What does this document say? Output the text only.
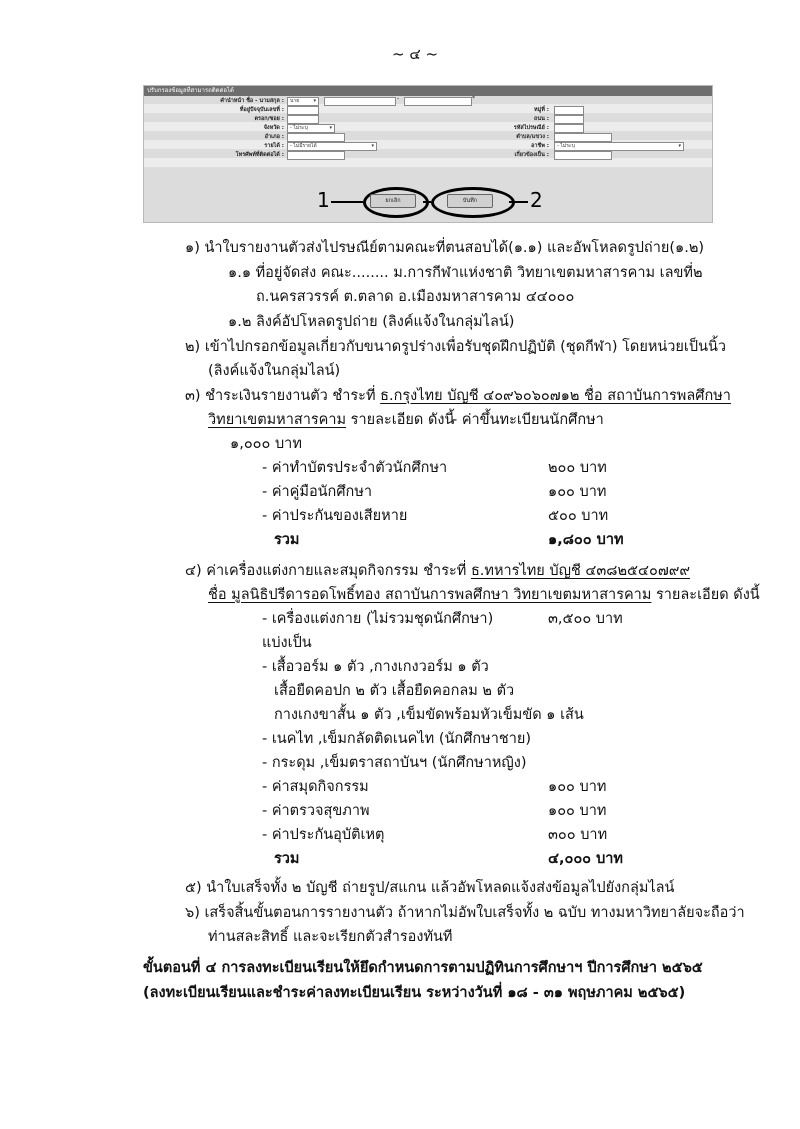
~ ๔ ~
ปรับกรองข้อมูลที่สามารถติดต่อได้
คำนำหน้า ชื่อ - นามสกุล :	นาย	▾	-	*
ที่อยู่ปัจจุบันเลขที่ :	หมู่ที่ :
ตรอก/ซอย :	ถนน :
จังหวัด :	- ไม่ระบุ	▾	รหัสไปรษณีย์ :
อำเภอ :	ตำบล/แขวง :
รายได้ :	- ไม่มีรายได้	▾	อาชีพ :	- ไม่ระบุ	▾
โทรศัพท์ที่ติดต่อได้ :	เกี่ยวข้องเป็น :
1	ยกเลิก	บันทึก	2
๑) นำใบรายงานตัวส่งไปรษณีย์ตามคณะที่ตนสอบได้(๑.๑) และอัพโหลดรูปถ่าย(๑.๒)
๑.๑ ที่อยู่จัดส่ง คณะ........ ม.การกีฬาแห่งชาติ วิทยาเขตมหาสารคาม เลขที่๒
ถ.นครสวรรค์ ต.ตลาด อ.เมืองมหาสารคาม ๔๔๐๐๐
๑.๒ ลิงค์อัปโหลดรูปถ่าย (ลิงค์แจ้งในกลุ่มไลน์)
๒) เข้าไปกรอกข้อมูลเกี่ยวกับขนาดรูปร่างเพื่อรับชุดฝึกปฏิบัติ (ชุดกีฬา) โดยหน่วยเป็นนิ้ว
(ลิงค์แจ้งในกลุ่มไลน์)
๓) ชำระเงินรายงานตัว ชำระที่ ธ.กรุงไทย บัญชี ๔๐๙๖๐๖๐๗๑๒ ชื่อ สถาบันการพลศึกษา
วิทยาเขตมหาสารคาม รายละเอียด ดังนี้
- ค่าขึ้นทะเบียนนักศึกษา
๑,๐๐๐ บาท
- ค่าทำบัตรประจำตัวนักศึกษา	๒๐๐ บาท
- ค่าคู่มือนักศึกษา	๑๐๐ บาท
- ค่าประกันของเสียหาย	๕๐๐ บาท
รวม	๑,๘๐๐ บาท
๔) ค่าเครื่องแต่งกายและสมุดกิจกรรม ชำระที่ ธ.ทหารไทย บัญชี ๔๓๘๒๕๔๐๗๙๙
ชื่อ มูลนิธิปรีดารอดโพธิ์ทอง สถาบันการพลศึกษา วิทยาเขตมหาสารคาม รายละเอียด ดังนี้
- เครื่องแต่งกาย (ไม่รวมชุดนักศึกษา)	๓,๕๐๐ บาท
แบ่งเป็น
- เสื้อวอร์ม ๑ ตัว ,กางเกงวอร์ม ๑ ตัว
เสื้อยืดคอปก ๒ ตัว เสื้อยืดคอกลม ๒ ตัว
กางเกงขาสั้น ๑ ตัว ,เข็มขัดพร้อมหัวเข็มขัด ๑ เส้น
- เนคไท ,เข็มกลัดติดเนคไท (นักศึกษาชาย)
- กระดุม ,เข็มตราสถาบันฯ (นักศึกษาหญิง)
- ค่าสมุดกิจกรรม	๑๐๐ บาท
- ค่าตรวจสุขภาพ	๑๐๐ บาท
- ค่าประกันอุบัติเหตุ	๓๐๐ บาท
รวม	๔,๐๐๐ บาท
๕) นำใบเสร็จทั้ง ๒ บัญชี ถ่ายรูป/สแกน แล้วอัพโหลดแจ้งส่งข้อมูลไปยังกลุ่มไลน์
๖) เสร็จสิ้นขั้นตอนการรายงานตัว ถ้าหากไม่อัพใบเสร็จทั้ง ๒ ฉบับ ทางมหาวิทยาลัยจะถือว่า
ท่านสละสิทธิ์ และจะเรียกตัวสำรองทันที
ขั้นตอนที่ ๔ การลงทะเบียนเรียนให้ยึดกำหนดการตามปฏิทินการศึกษาฯ ปีการศึกษา ๒๕๖๕
(ลงทะเบียนเรียนและชำระค่าลงทะเบียนเรียน ระหว่างวันที่ ๑๘ - ๓๑ พฤษภาคม ๒๕๖๕)
